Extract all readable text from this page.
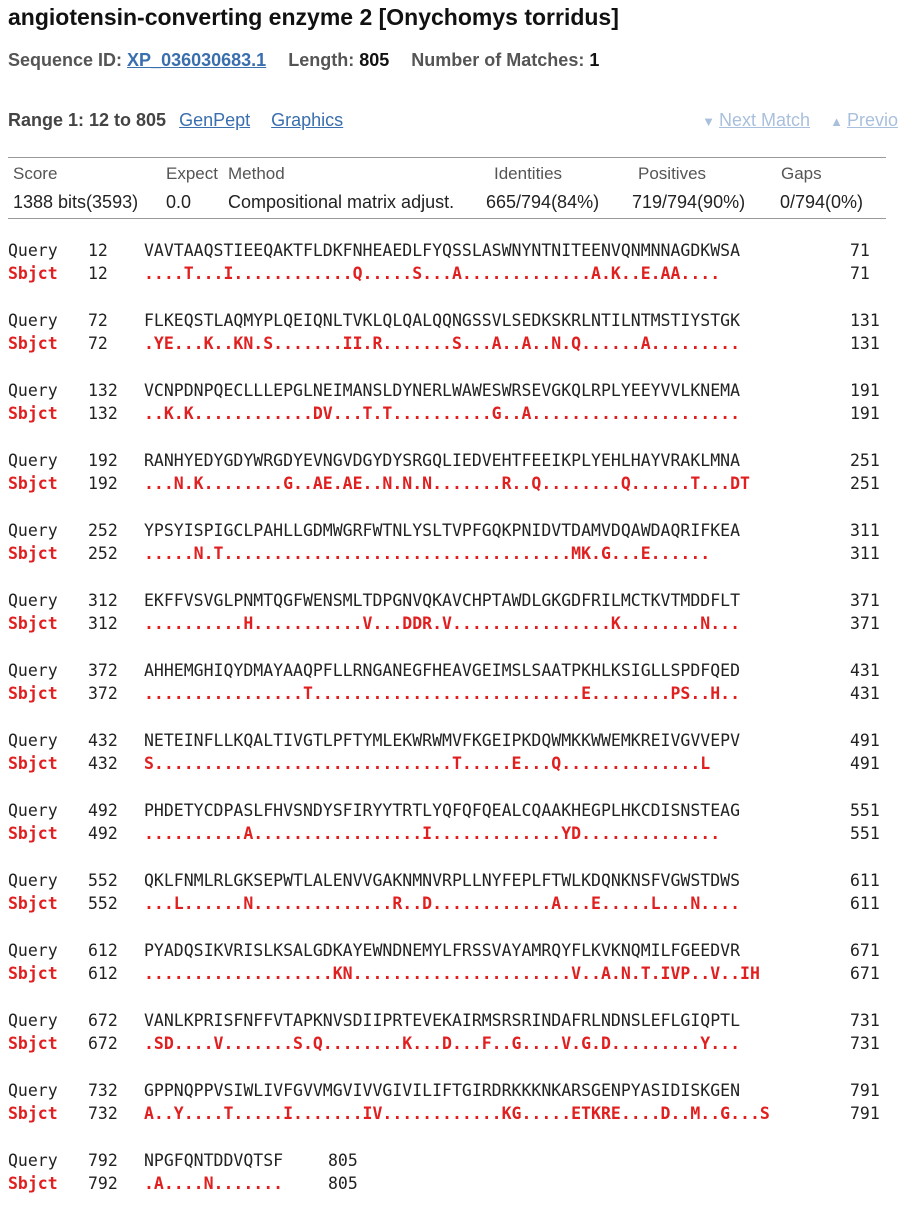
angiotensin-converting enzyme 2 [Onychomys torridus]
Sequence ID: XP_036030683.1 Length: 805 Number of Matches: 1
Range 1: 12 to 805 GenPept Graphics	▼ Next Match ▲ Previo
Score	Expect Method	Identities	Positives	Gaps
1388 bits(3593) 0.0 Compositional matrix adjust. 665/794(84%) 719/794(90%) 0/794(0%)
Query 12 VAVTAAQSTIEEQAKTFLDKFNHEAEDLFYQSSLASWNYNTNITEENVQNMNNAGDKWSA	71
Sbjct 12 ....T...I............Q.....S...A.............A.K..E.AA....	71
Query 72 FLKEQSTLAQMYPLQEIQNLTVKLQLQALQQNGSSVLSEDKSKRLNTILNTMSTIYSTGK	131
Sbjct 72 .YE...K..KN.S.......II.R.......S...A..A..N.Q......A.........	131
Query 132 VCNPDNPQECLLLEPGLNEIMANSLDYNERLWAWESWRSEVGKQLRPLYEEYVVLKNEMA	191
Sbjct 132 ..K.K............DV...T.T..........G..A.....................	191
Query 192 RANHYEDYGDYWRGDYEVNGVDGYDYSRGQLIEDVEHTFEEIKPLYEHLHAYVRAKLMNA	251
Sbjct 192 ...N.K........G..AE.AE..N.N.N.......R..Q........Q......T...DT	251
Query 252 YPSYISPIGCLPAHLLGDMWGRFWTNLYSLTVPFGQKPNIDVTDAMVDQAWDAQRIFKEA	311
Sbjct 252 .....N.T...................................MK.G...E......	311
Query 312 EKFFVSVGLPNMTQGFWENSMLTDPGNVQKAVCHPTAWDLGKGDFRILMCTKVTMDDFLT	371
Sbjct 312 ..........H...........V...DDR.V................K........N...	371
Query 372 AHHEMGHIQYDMAYAAQPFLLRNGANEGFHEAVGEIMSLSAATPKHLKSIGLLSPDFQED	431
Sbjct 372 ................T...........................E........PS..H..	431
Query 432 NETEINFLLKQALTIVGTLPFTYMLEKWRWMVFKGEIPKDQWMKKWWEMKREIVGVVEPV	491
Sbjct 432 S..............................T.....E...Q..............L	491
Query 492 PHDETYCDPASLFHVSNDYSFIRYYTRTLYQFQFQEALCQAAKHEGPLHKCDISNSTEAG	551
Sbjct 492 ..........A.................I.............YD..............	551
Query 552 QKLFNMLRLGKSEPWTLALENVVGAKNMNVRPLLNYFEPLFTWLKDQNKNSFVGWSTDWS	611
Sbjct 552 ...L......N..............R..D............A...E.....L...N....	611
Query 612 PYADQSIKVRISLKSALGDKAYEWNDNEMYLFRSSVAYAMRQYFLKVKNQMILFGEEDVR	671
Sbjct 612 ...................KN......................V..A.N.T.IVP..V..IH	671
Query 672 VANLKPRISFNFFVTAPKNVSDIIPRTEVEKAIRMSRSRINDAFRLNDNSLEFLGIQPTL	731
Sbjct 672 .SD....V.......S.Q........K...D...F..G....V.G.D.........Y...	731
Query 732 GPPNQPPVSIWLIVFGVVMGVIVVGIVILIFTGIRDRKKKNKARSGENPYASIDISKGEN	791
Sbjct 732 A..Y....T.....I.......IV............KG.....ETKRE....D..M..G...S	791
Query 792 NPGFQNTDDVQTSF	805
Sbjct 792 .A....N.......	805
